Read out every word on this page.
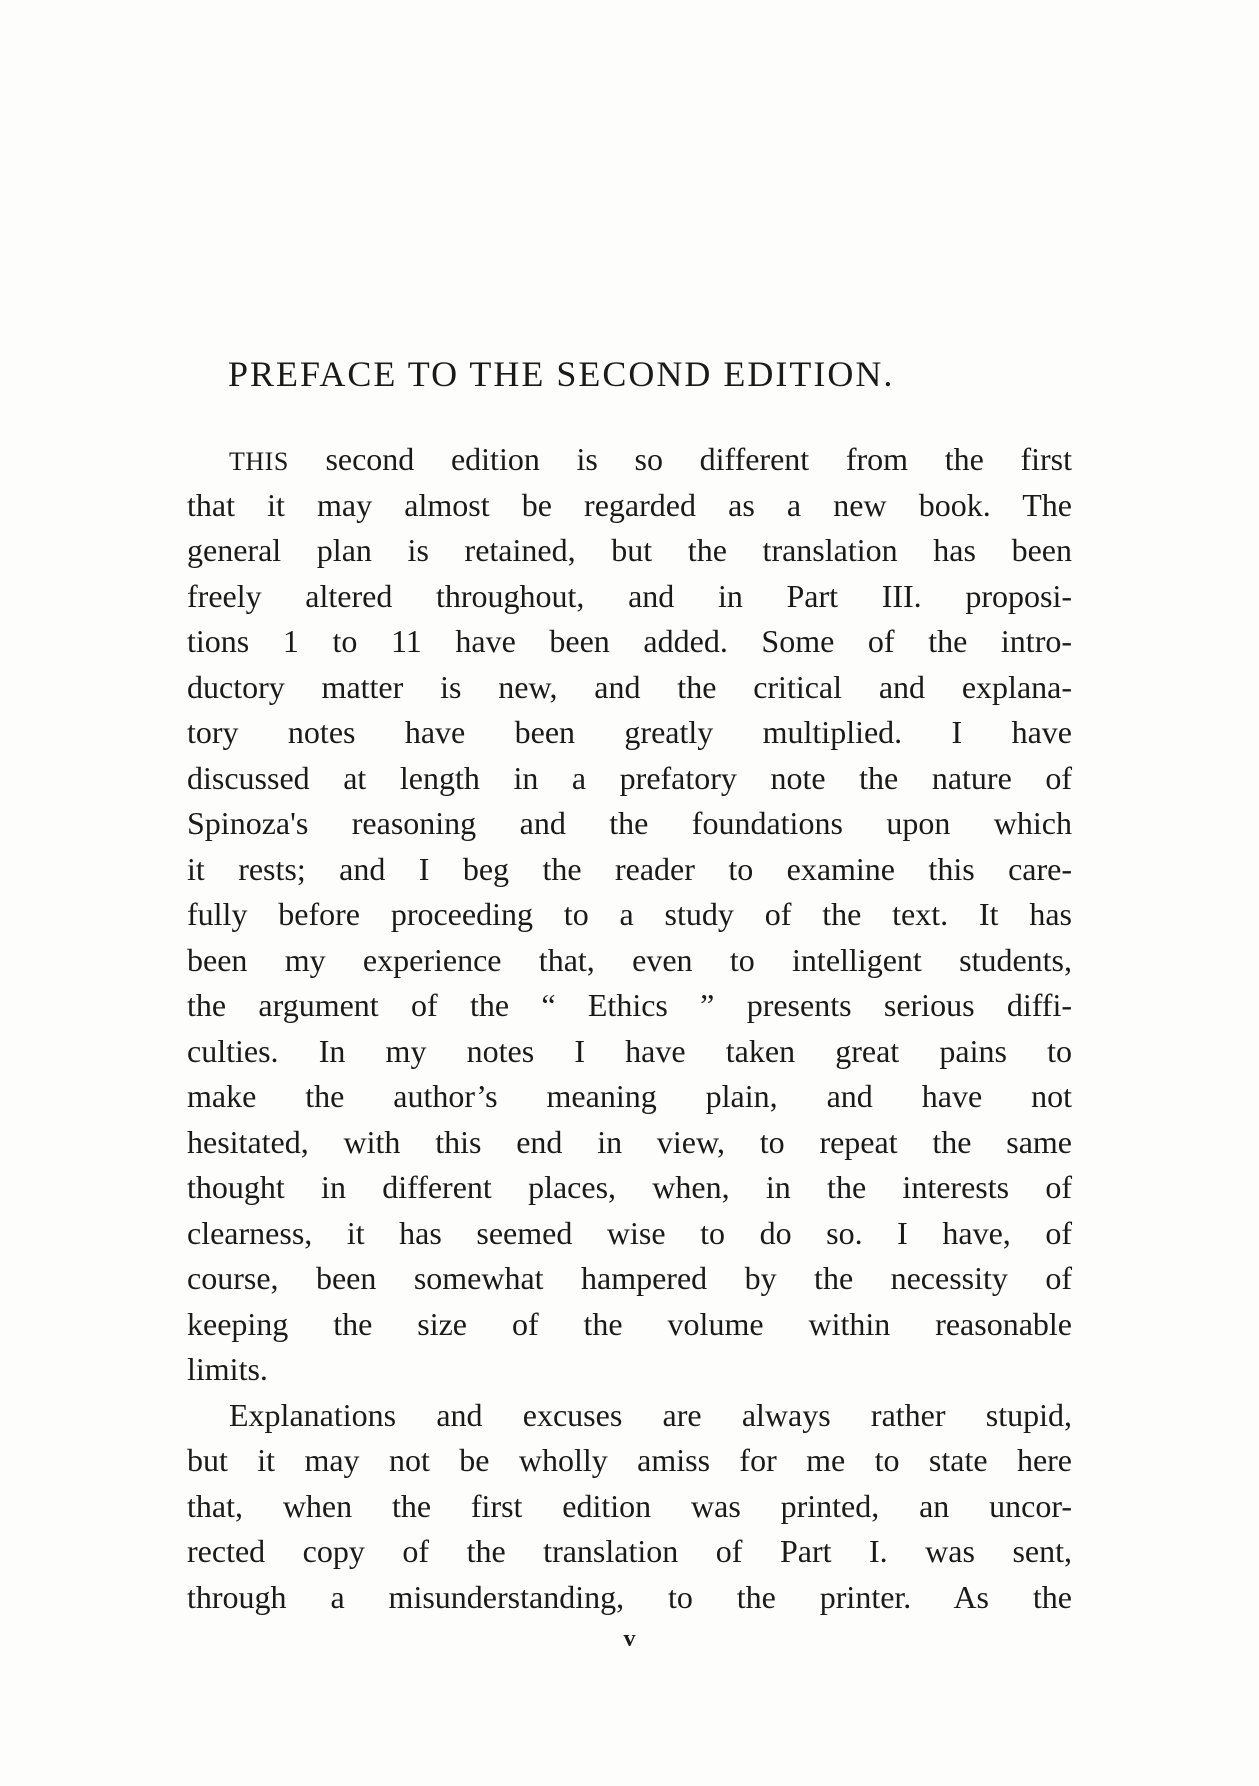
PREFACE TO THE SECOND EDITION.
THIS second edition is so different from the first
that it may almost be regarded as a new book. The
general plan is retained, but the translation has been
freely altered throughout, and in Part III. proposi-
tions 1 to 11 have been added. Some of the intro-
ductory matter is new, and the critical and explana-
tory notes have been greatly multiplied. I have
discussed at length in a prefatory note the nature of
Spinoza's reasoning and the foundations upon which
it rests; and I beg the reader to examine this care-
fully before proceeding to a study of the text. It has
been my experience that, even to intelligent students,
the argument of the “ Ethics ” presents serious diffi-
culties. In my notes I have taken great pains to
make the author’s meaning plain, and have not
hesitated, with this end in view, to repeat the same
thought in different places, when, in the interests of
clearness, it has seemed wise to do so. I have, of
course, been somewhat hampered by the necessity of
keeping the size of the volume within reasonable
limits.
Explanations and excuses are always rather stupid,
but it may not be wholly amiss for me to state here
that, when the first edition was printed, an uncor-
rected copy of the translation of Part I. was sent,
through a misunderstanding, to the printer. As the
v
